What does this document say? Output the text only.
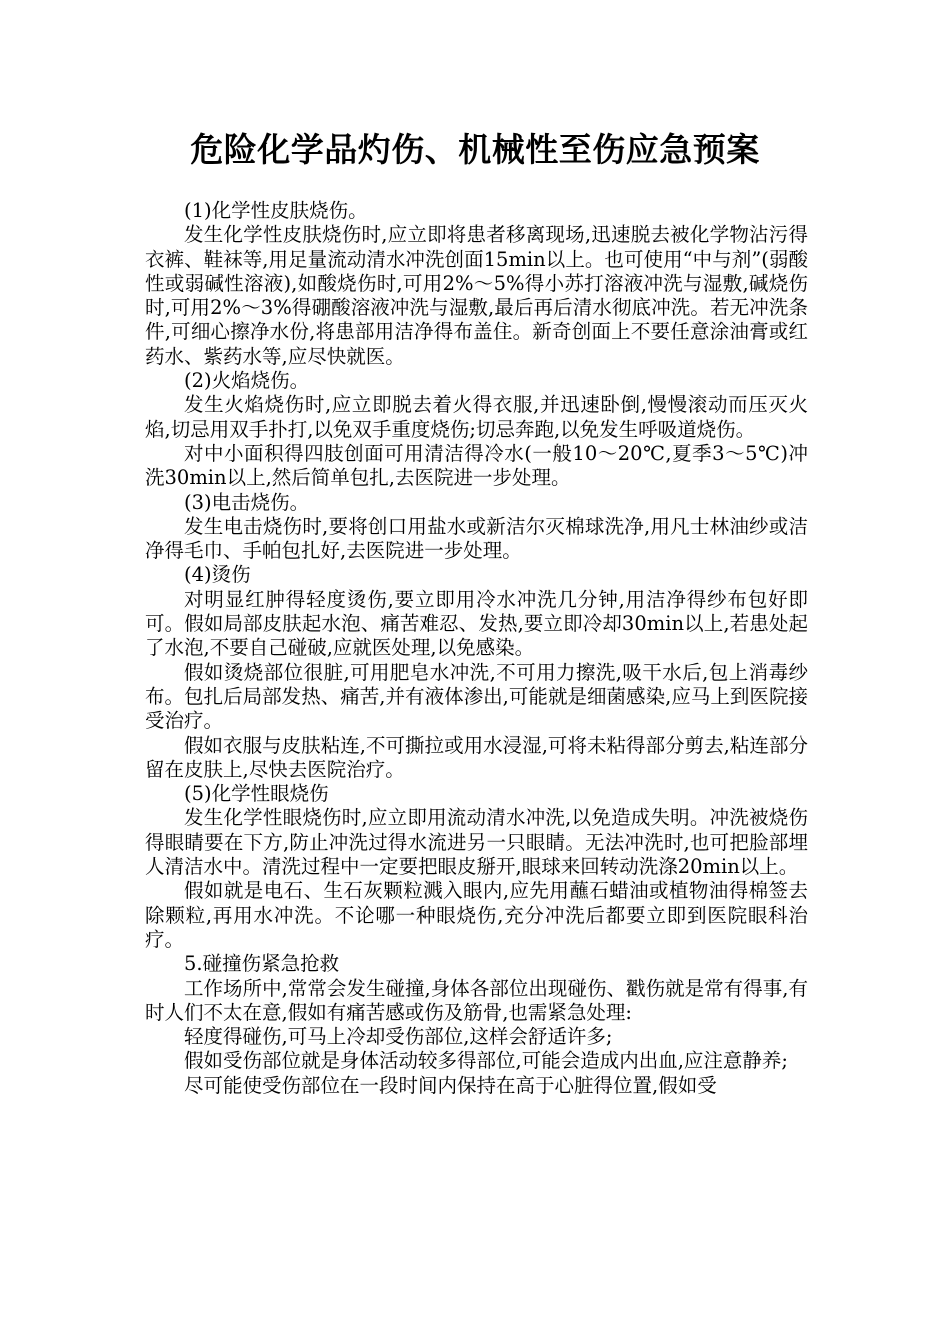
危险化学品灼伤、机械性至伤应急预案

(1)化学性皮肤烧伤。

发生化学性皮肤烧伤时,应立即将患者移离现场,迅速脱去被化学物沾污得衣裤、鞋袜等,用足量流动清水冲洗创面15min以上。也可使用“中与剂”(弱酸性或弱碱性溶液),如酸烧伤时,可用2%～5%得小苏打溶液冲洗与湿敷,碱烧伤时,可用2%～3%得硼酸溶液冲洗与湿敷,最后再后清水彻底冲洗。若无冲洗条件,可细心擦净水份,将患部用洁净得布盖住。新奇创面上不要任意涂油膏或红药水、紫药水等,应尽快就医。

(2)火焰烧伤。

发生火焰烧伤时,应立即脱去着火得衣服,并迅速卧倒,慢慢滚动而压灭火焰,切忌用双手扑打,以免双手重度烧伤;切忌奔跑,以免发生呼吸道烧伤。

对中小面积得四肢创面可用清洁得冷水(一般10～20℃,夏季3～5℃)冲洗30min以上,然后简单包扎,去医院进一步处理。

(3)电击烧伤。

发生电击烧伤时,要将创口用盐水或新洁尔灭棉球洗净,用凡士林油纱或洁净得毛巾、手帕包扎好,去医院进一步处理。

(4)烫伤

对明显红肿得轻度烫伤,要立即用冷水冲洗几分钟,用洁净得纱布包好即可。假如局部皮肤起水泡、痛苦难忍、发热,要立即冷却30min以上,若患处起了水泡,不要自己碰破,应就医处理,以免感染。

假如烫烧部位很脏,可用肥皂水冲洗,不可用力擦洗,吸干水后,包上消毒纱布。包扎后局部发热、痛苦,并有液体渗出,可能就是细菌感染,应马上到医院接受治疗。

假如衣服与皮肤粘连,不可撕拉或用水浸湿,可将未粘得部分剪去,粘连部分留在皮肤上,尽快去医院治疗。

(5)化学性眼烧伤

发生化学性眼烧伤时,应立即用流动清水冲洗,以免造成失明。冲洗被烧伤得眼睛要在下方,防止冲洗过得水流进另一只眼睛。无法冲洗时,也可把脸部埋人清洁水中。清洗过程中一定要把眼皮掰开,眼球来回转动洗涤20min以上。

假如就是电石、生石灰颗粒溅入眼内,应先用蘸石蜡油或植物油得棉签去除颗粒,再用水冲洗。不论哪一种眼烧伤,充分冲洗后都要立即到医院眼科治疗。

5.碰撞伤紧急抢救

工作场所中,常常会发生碰撞,身体各部位出现碰伤、戳伤就是常有得事,有时人们不太在意,假如有痛苦感或伤及筋骨,也需紧急处理:

轻度得碰伤,可马上冷却受伤部位,这样会舒适许多;

假如受伤部位就是身体活动较多得部位,可能会造成内出血,应注意静养;

尽可能使受伤部位在一段时间内保持在高于心脏得位置,假如受
